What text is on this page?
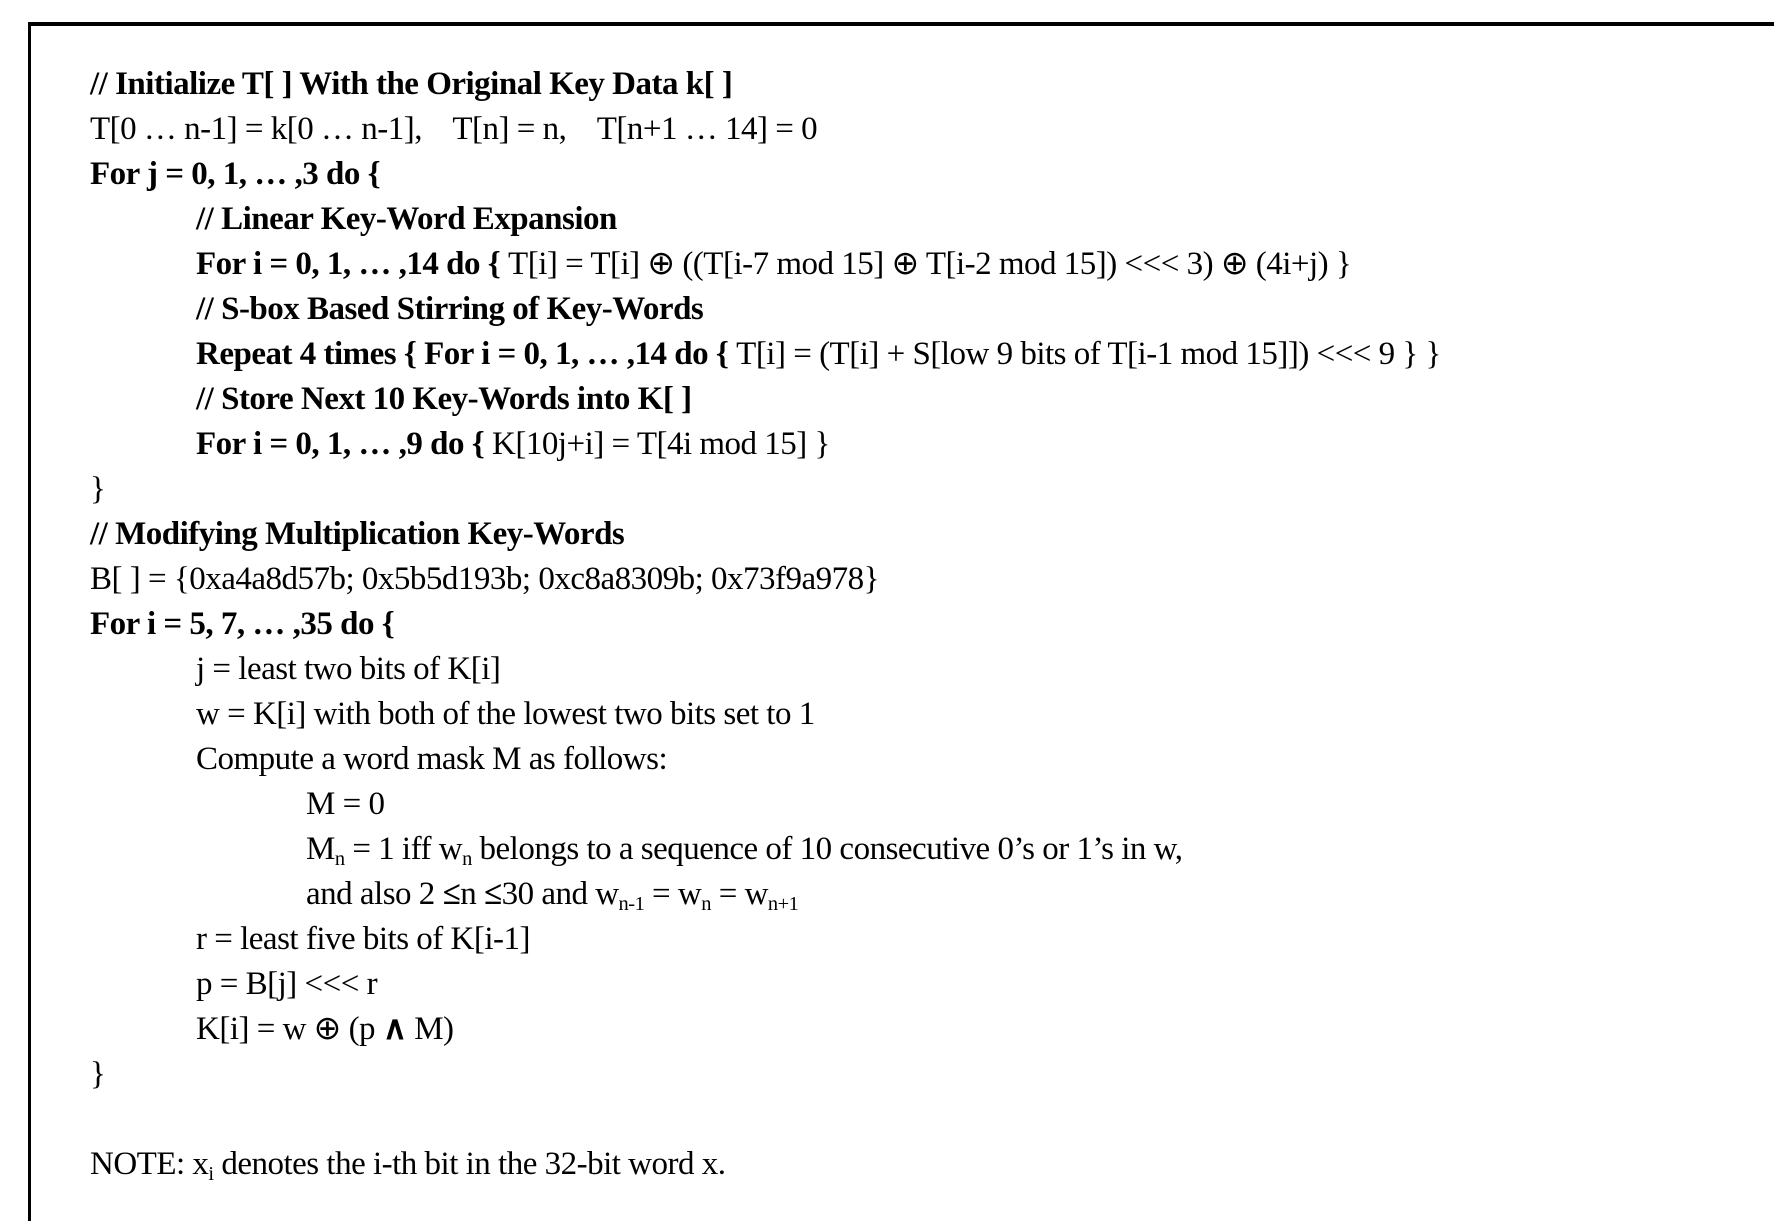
// Initialize T[ ] With the Original Key Data k[ ]
T[0 … n-1] = k[0 … n-1],    T[n] = n,    T[n+1 … 14] = 0
For j = 0, 1, … ,3 do {
// Linear Key-Word Expansion
For i = 0, 1, … ,14 do { T[i] = T[i] ⊕ ((T[i-7 mod 15] ⊕ T[i-2 mod 15]) <<< 3) ⊕ (4i+j) }
// S-box Based Stirring of Key-Words
Repeat 4 times { For i = 0, 1, … ,14 do { T[i] = (T[i] + S[low 9 bits of T[i-1 mod 15]]) <<< 9 } }
// Store Next 10 Key-Words into K[ ]
For i = 0, 1, … ,9 do { K[10j+i] = T[4i mod 15] }
}
// Modifying Multiplication Key-Words
B[ ] = {0xa4a8d57b; 0x5b5d193b; 0xc8a8309b; 0x73f9a978}
For i = 5, 7, … ,35 do {
j = least two bits of K[i]
w = K[i] with both of the lowest two bits set to 1
Compute a word mask M as follows:
M = 0
$M_n = 1$ iff $w_n$ belongs to a sequence of 10 consecutive 0’s or 1’s in w,
and also 2 ≤n ≤30 and $w_{n-1} = w_n = w_{n+1}$
r = least five bits of K[i-1]
p = B[j] <<< r
K[i] = w ⊕ (p ∧ M)
}
NOTE: $x_i$ denotes the i-th bit in the 32-bit word x.
